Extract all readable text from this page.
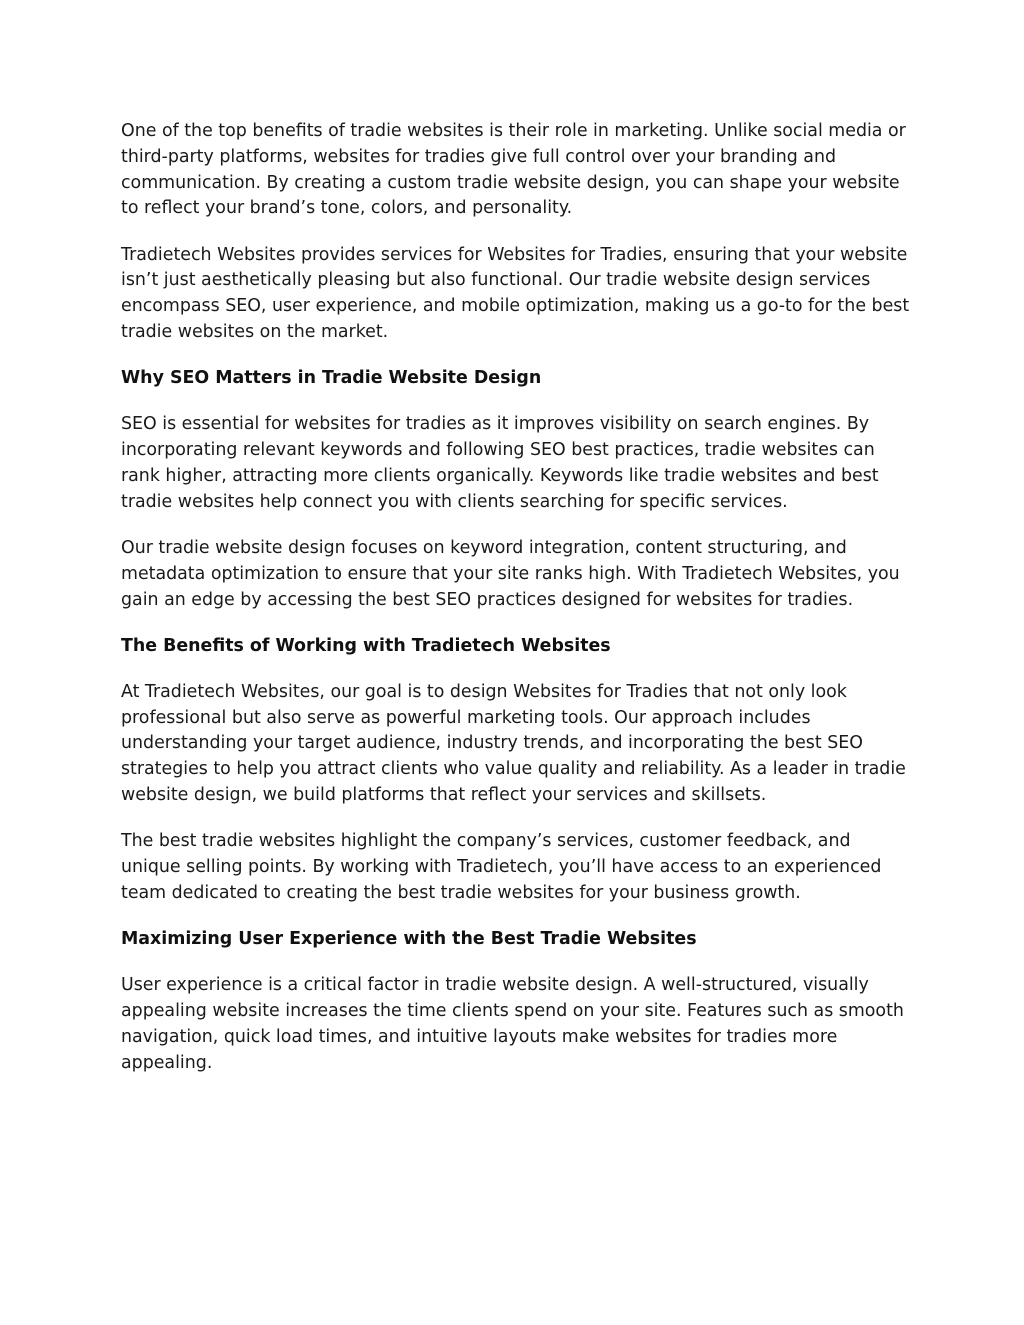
One of the top benefits of tradie websites is their role in marketing. Unlike social media or third-party platforms, websites for tradies give full control over your branding and communication. By creating a custom tradie website design, you can shape your website to reflect your brand’s tone, colors, and personality.

Tradietech Websites provides services for Websites for Tradies, ensuring that your website isn’t just aesthetically pleasing but also functional. Our tradie website design services encompass SEO, user experience, and mobile optimization, making us a go-to for the best tradie websites on the market.

Why SEO Matters in Tradie Website Design

SEO is essential for websites for tradies as it improves visibility on search engines. By incorporating relevant keywords and following SEO best practices, tradie websites can rank higher, attracting more clients organically. Keywords like tradie websites and best tradie websites help connect you with clients searching for specific services.

Our tradie website design focuses on keyword integration, content structuring, and metadata optimization to ensure that your site ranks high. With Tradietech Websites, you gain an edge by accessing the best SEO practices designed for websites for tradies.

The Benefits of Working with Tradietech Websites

At Tradietech Websites, our goal is to design Websites for Tradies that not only look professional but also serve as powerful marketing tools. Our approach includes understanding your target audience, industry trends, and incorporating the best SEO strategies to help you attract clients who value quality and reliability. As a leader in tradie website design, we build platforms that reflect your services and skillsets.

The best tradie websites highlight the company’s services, customer feedback, and unique selling points. By working with Tradietech, you’ll have access to an experienced team dedicated to creating the best tradie websites for your business growth.

Maximizing User Experience with the Best Tradie Websites

User experience is a critical factor in tradie website design. A well-structured, visually appealing website increases the time clients spend on your site. Features such as smooth navigation, quick load times, and intuitive layouts make websites for tradies more appealing.
